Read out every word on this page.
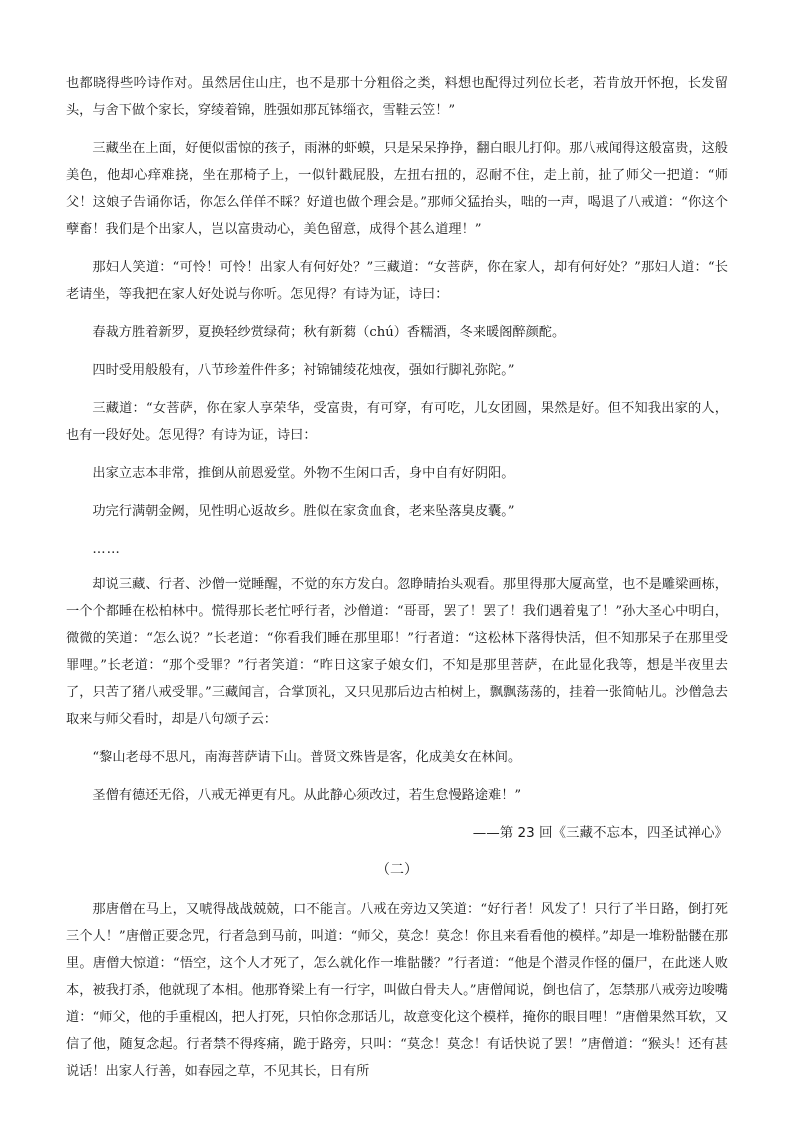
也都晓得些吟诗作对。虽然居住山庄，也不是那十分粗俗之类，料想也配得过列位长老，若肯放开怀抱，长发留头，与舍下做个家长，穿绫着锦，胜强如那瓦钵缁衣，雪鞋云笠！”

三藏坐在上面，好便似雷惊的孩子，雨淋的虾蟆，只是呆呆挣挣，翻白眼儿打仰。那八戒闻得这般富贵，这般美色，他却心痒难挠，坐在那椅子上，一似针戳屁股，左扭右扭的，忍耐不住，走上前，扯了师父一把道：“师父！这娘子告诵你话，你怎么佯佯不睬？好道也做个理会是。”那师父猛抬头，咄的一声，喝退了八戒道：“你这个孽畜！我们是个出家人，岂以富贵动心，美色留意，成得个甚么道理！”

那妇人笑道：“可怜！可怜！出家人有何好处？”三藏道：“女菩萨，你在家人，却有何好处？”那妇人道：“长老请坐，等我把在家人好处说与你听。怎见得？有诗为证，诗曰：

春裁方胜着新罗，夏换轻纱赏绿荷；秋有新蒭（chú）香糯酒，冬来暖阁醉颜酡。

四时受用般般有，八节珍羞件件多；衬锦铺绫花烛夜，强如行脚礼弥陀。”

三藏道：“女菩萨，你在家人享荣华，受富贵，有可穿，有可吃，儿女团圆，果然是好。但不知我出家的人，也有一段好处。怎见得？有诗为证，诗曰：

出家立志本非常，推倒从前恩爱堂。外物不生闲口舌，身中自有好阴阳。

功完行满朝金阙，见性明心返故乡。胜似在家贪血食，老来坠落臭皮囊。”

……

却说三藏、行者、沙僧一觉睡醒，不觉的东方发白。忽睁睛抬头观看。那里得那大厦高堂，也不是雕梁画栋，一个个都睡在松柏林中。慌得那长老忙呼行者，沙僧道：“哥哥，罢了！罢了！我们遇着鬼了！”孙大圣心中明白，微微的笑道：“怎么说？”长老道：“你看我们睡在那里耶！”行者道：“这松林下落得快活，但不知那呆子在那里受罪哩。”长老道：“那个受罪？”行者笑道：“昨日这家子娘女们，不知是那里菩萨，在此显化我等，想是半夜里去了，只苦了猪八戒受罪。”三藏闻言，合掌顶礼，又只见那后边古柏树上，飘飘荡荡的，挂着一张简帖儿。沙僧急去取来与师父看时，却是八句颂子云：

“黎山老母不思凡，南海菩萨请下山。普贤文殊皆是客，化成美女在林间。

圣僧有德还无俗，八戒无禅更有凡。从此静心须改过，若生怠慢路途难！”

——第 23 回《三藏不忘本，四圣试禅心》
（二）

那唐僧在马上，又唬得战战兢兢，口不能言。八戒在旁边又笑道：“好行者！风发了！只行了半日路，倒打死三个人！”唐僧正要念咒，行者急到马前，叫道：“师父，莫念！莫念！你且来看看他的模样。”却是一堆粉骷髅在那里。唐僧大惊道：“悟空，这个人才死了，怎么就化作一堆骷髅？”行者道：“他是个潜灵作怪的僵尸，在此迷人败本，被我打杀，他就现了本相。他那脊梁上有一行字，叫做白骨夫人。”唐僧闻说，倒也信了，怎禁那八戒旁边唆嘴道：“师父，他的手重棍凶，把人打死，只怕你念那话儿，故意变化这个模样，掩你的眼目哩！”唐僧果然耳软，又信了他，随复念起。行者禁不得疼痛，跪于路旁，只叫：“莫念！莫念！有话快说了罢！”唐僧道：“猴头！还有甚说话！出家人行善，如春园之草，不见其长，日有所
